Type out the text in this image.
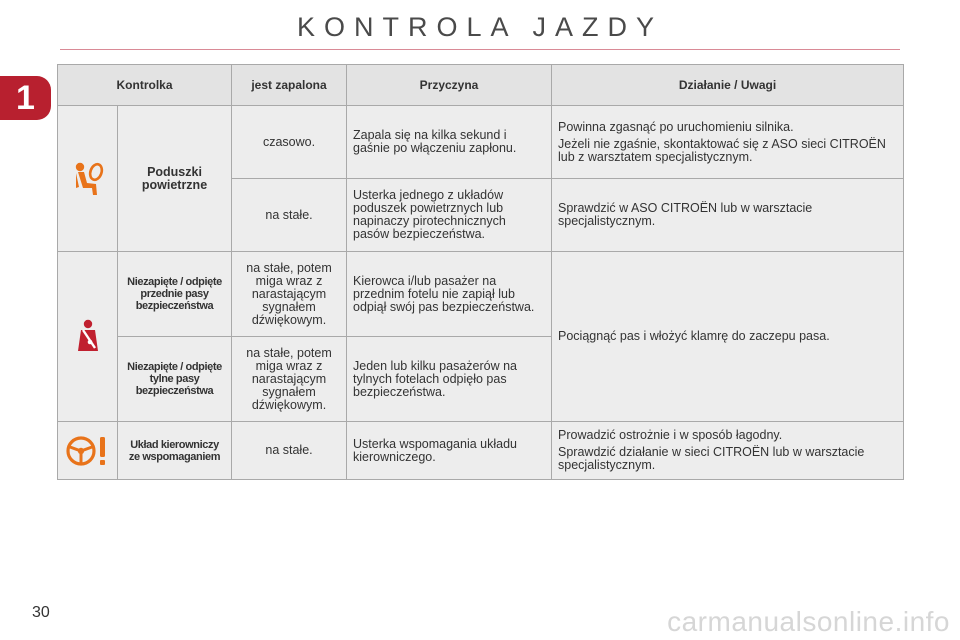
KONTROLA JAZDY
1	Kontrolka		jest zapalona	Przyczyna	Działanie / Uwagi

	Poduszki powietrzne	czasowo.	Zapala się na kilka sekund i gaśnie po włączeniu zapłonu.	Powinna zgasnąć po uruchomieniu silnika.

Jeżeli nie zgaśnie, skontaktować się z ASO sieci CITROËN lub z warsztatem specjalistycznym.

		na stałe.	Usterka jednego z układów poduszek powietrznych lub napinaczy pirotechnicznych pasów bezpieczeństwa.	Sprawdzić w ASO CITROËN lub w warsztacie specjalistycznym.

	Niezapięte / odpięte przednie pasy bezpieczeństwa	na stałe, potem miga wraz z narastającym sygnałem dźwiękowym.	Kierowca i/lub pasażer na przednim fotelu nie zapiął lub odpiął swój pas bezpieczeństwa.	Pociągnąć pas i włożyć klamrę do zaczepu pasa.

	Niezapięte / odpięte tylne pasy bezpieczeństwa	na stałe, potem miga wraz z narastającym sygnałem dźwiękowym.	Jeden lub kilku pasażerów na tylnych fotelach odpięło pas bezpieczeństwa.	

	Układ kierowniczy ze wspomaganiem	na stałe.	Usterka wspomagania układu kierowniczego.	Prowadzić ostrożnie i w sposób łagodny.

Sprawdzić działanie w sieci CITROËN lub w warsztacie specjalistycznym.

30	carmanualsonline.info
